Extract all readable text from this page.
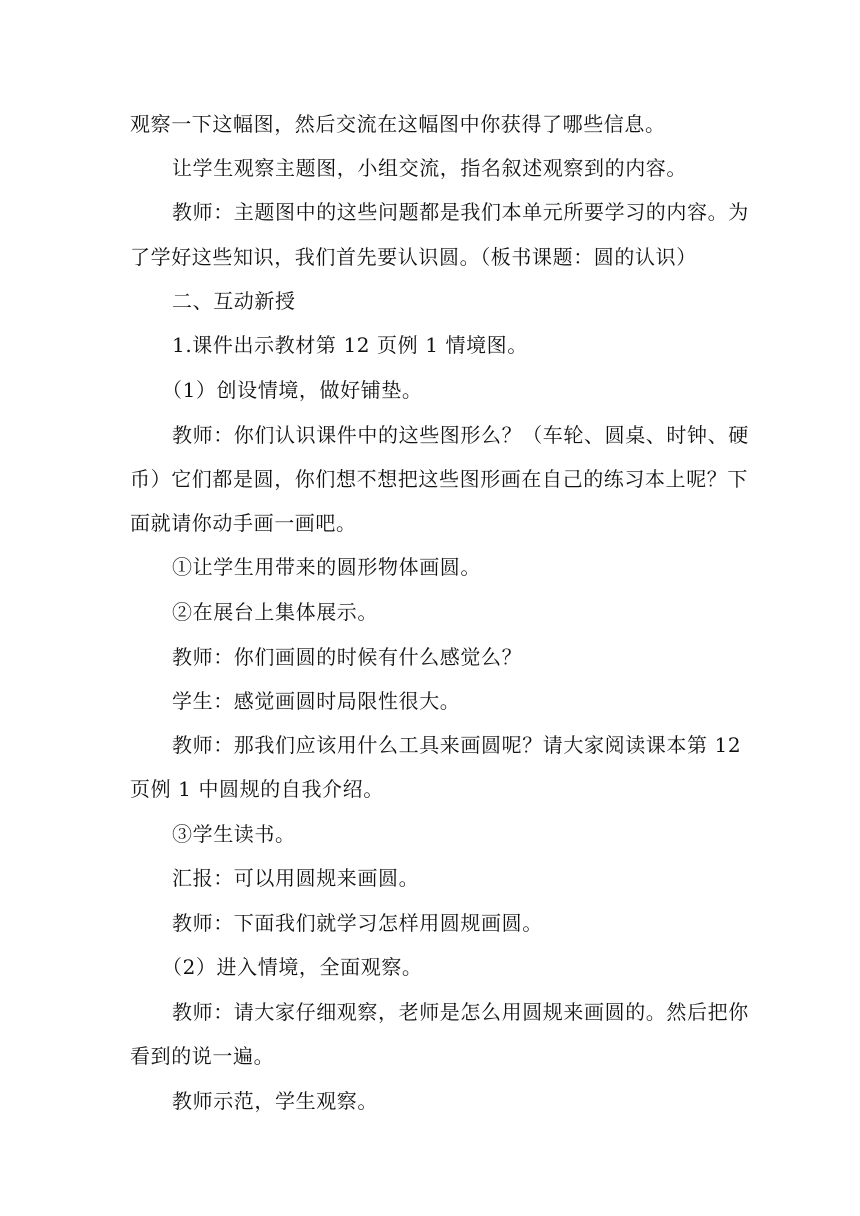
观察一下这幅图，然后交流在这幅图中你获得了哪些信息。
让学生观察主题图，小组交流，指名叙述观察到的内容。
教师：主题图中的这些问题都是我们本单元所要学习的内容。为
了学好这些知识，我们首先要认识圆。（板书课题：圆的认识）
二、互动新授
1.课件出示教材第 12 页例 1 情境图。
（1）创设情境，做好铺垫。
教师：你们认识课件中的这些图形么？（车轮、圆桌、时钟、硬
币）它们都是圆，你们想不想把这些图形画在自己的练习本上呢？下
面就请你动手画一画吧。
①让学生用带来的圆形物体画圆。
②在展台上集体展示。
教师：你们画圆的时候有什么感觉么？
学生：感觉画圆时局限性很大。
教师：那我们应该用什么工具来画圆呢？请大家阅读课本第 12
页例 1 中圆规的自我介绍。
③学生读书。
汇报：可以用圆规来画圆。
教师：下面我们就学习怎样用圆规画圆。
（2）进入情境，全面观察。
教师：请大家仔细观察，老师是怎么用圆规来画圆的。然后把你
看到的说一遍。
教师示范，学生观察。
